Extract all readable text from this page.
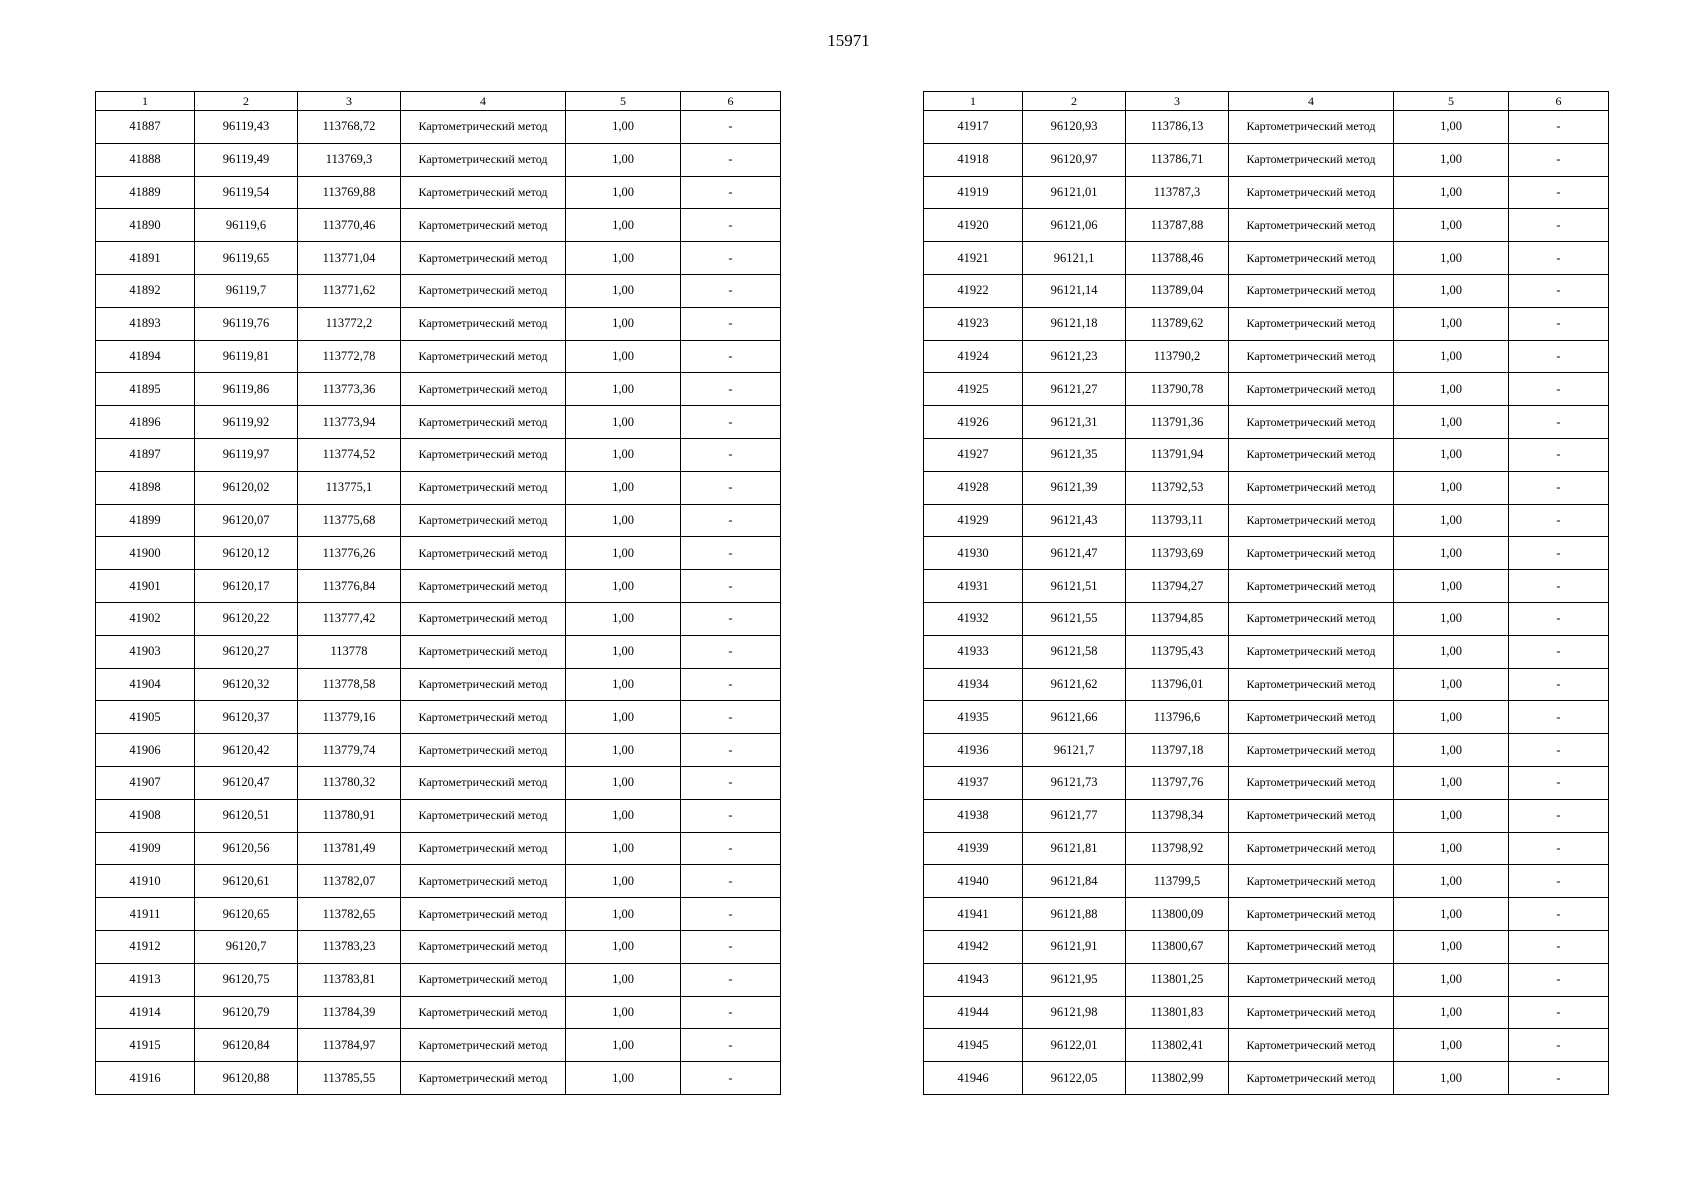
15971
1	2	3	4	5	6
41887	96119,43	113768,72	Картометрический метод	1,00	-
41888	96119,49	113769,3	Картометрический метод	1,00	-
41889	96119,54	113769,88	Картометрический метод	1,00	-
41890	96119,6	113770,46	Картометрический метод	1,00	-
41891	96119,65	113771,04	Картометрический метод	1,00	-
41892	96119,7	113771,62	Картометрический метод	1,00	-
41893	96119,76	113772,2	Картометрический метод	1,00	-
41894	96119,81	113772,78	Картометрический метод	1,00	-
41895	96119,86	113773,36	Картометрический метод	1,00	-
41896	96119,92	113773,94	Картометрический метод	1,00	-
41897	96119,97	113774,52	Картометрический метод	1,00	-
41898	96120,02	113775,1	Картометрический метод	1,00	-
41899	96120,07	113775,68	Картометрический метод	1,00	-
41900	96120,12	113776,26	Картометрический метод	1,00	-
41901	96120,17	113776,84	Картометрический метод	1,00	-
41902	96120,22	113777,42	Картометрический метод	1,00	-
41903	96120,27	113778	Картометрический метод	1,00	-
41904	96120,32	113778,58	Картометрический метод	1,00	-
41905	96120,37	113779,16	Картометрический метод	1,00	-
41906	96120,42	113779,74	Картометрический метод	1,00	-
41907	96120,47	113780,32	Картометрический метод	1,00	-
41908	96120,51	113780,91	Картометрический метод	1,00	-
41909	96120,56	113781,49	Картометрический метод	1,00	-
41910	96120,61	113782,07	Картометрический метод	1,00	-
41911	96120,65	113782,65	Картометрический метод	1,00	-
41912	96120,7	113783,23	Картометрический метод	1,00	-
41913	96120,75	113783,81	Картометрический метод	1,00	-
41914	96120,79	113784,39	Картометрический метод	1,00	-
41915	96120,84	113784,97	Картометрический метод	1,00	-
41916	96120,88	113785,55	Картометрический метод	1,00	-
1	2	3	4	5	6
41917	96120,93	113786,13	Картометрический метод	1,00	-
41918	96120,97	113786,71	Картометрический метод	1,00	-
41919	96121,01	113787,3	Картометрический метод	1,00	-
41920	96121,06	113787,88	Картометрический метод	1,00	-
41921	96121,1	113788,46	Картометрический метод	1,00	-
41922	96121,14	113789,04	Картометрический метод	1,00	-
41923	96121,18	113789,62	Картометрический метод	1,00	-
41924	96121,23	113790,2	Картометрический метод	1,00	-
41925	96121,27	113790,78	Картометрический метод	1,00	-
41926	96121,31	113791,36	Картометрический метод	1,00	-
41927	96121,35	113791,94	Картометрический метод	1,00	-
41928	96121,39	113792,53	Картометрический метод	1,00	-
41929	96121,43	113793,11	Картометрический метод	1,00	-
41930	96121,47	113793,69	Картометрический метод	1,00	-
41931	96121,51	113794,27	Картометрический метод	1,00	-
41932	96121,55	113794,85	Картометрический метод	1,00	-
41933	96121,58	113795,43	Картометрический метод	1,00	-
41934	96121,62	113796,01	Картометрический метод	1,00	-
41935	96121,66	113796,6	Картометрический метод	1,00	-
41936	96121,7	113797,18	Картометрический метод	1,00	-
41937	96121,73	113797,76	Картометрический метод	1,00	-
41938	96121,77	113798,34	Картометрический метод	1,00	-
41939	96121,81	113798,92	Картометрический метод	1,00	-
41940	96121,84	113799,5	Картометрический метод	1,00	-
41941	96121,88	113800,09	Картометрический метод	1,00	-
41942	96121,91	113800,67	Картометрический метод	1,00	-
41943	96121,95	113801,25	Картометрический метод	1,00	-
41944	96121,98	113801,83	Картометрический метод	1,00	-
41945	96122,01	113802,41	Картометрический метод	1,00	-
41946	96122,05	113802,99	Картометрический метод	1,00	-
